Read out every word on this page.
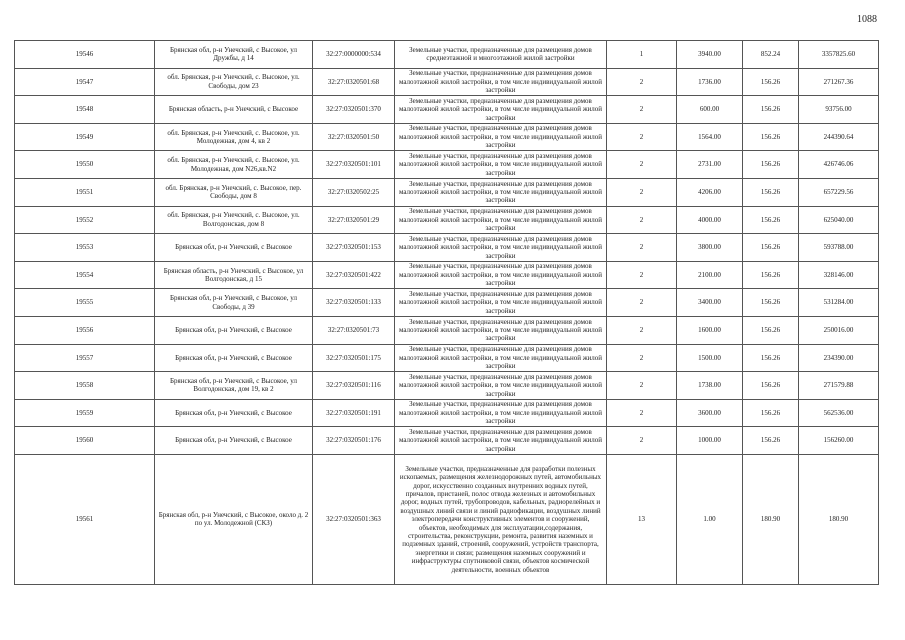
1088
19546	Брянская обл, р-н Унечский, с Высокое, ул Дружбы, д 14	32:27:0000000:534	Земельные участки, предназначенные для размещения домов среднеэтажной и многоэтажной жилой застройки	1	3940.00	852.24	3357825.60
19547	обл. Брянская, р-н Унечский, с. Высокое, ул. Свободы, дом 23	32:27:0320501:68	Земельные участки, предназначенные для размещения домов малоэтажной жилой застройки, в том числе индивидуальной жилой застройки	2	1736.00	156.26	271267.36
19548	Брянская область, р-н Унечский, с Высокое	32:27:0320501:370	Земельные участки, предназначенные для размещения домов малоэтажной жилой застройки, в том числе индивидуальной жилой застройки	2	600.00	156.26	93756.00
19549	обл. Брянская, р-н Унечский, с. Высокое, ул. Молодежная, дом 4, кв 2	32:27:0320501:50	Земельные участки, предназначенные для размещения домов малоэтажной жилой застройки, в том числе индивидуальной жилой застройки	2	1564.00	156.26	244390.64
19550	обл. Брянская, р-н Унечский, с. Высокое, ул. Молодежная, дом N26,кв.N2	32:27:0320501:101	Земельные участки, предназначенные для размещения домов малоэтажной жилой застройки, в том числе индивидуальной жилой застройки	2	2731.00	156.26	426746.06
19551	обл. Брянская, р-н Унечский, с. Высокое, пер. Свободы, дом 8	32:27:0320502:25	Земельные участки, предназначенные для размещения домов малоэтажной жилой застройки, в том числе индивидуальной жилой застройки	2	4206.00	156.26	657229.56
19552	обл. Брянская, р-н Унечский, с. Высокое, ул. Волгодонская, дом 8	32:27:0320501:29	Земельные участки, предназначенные для размещения домов малоэтажной жилой застройки, в том числе индивидуальной жилой застройки	2	4000.00	156.26	625040.00
19553	Брянская обл, р-н Унечский, с Высокое	32:27:0320501:153	Земельные участки, предназначенные для размещения домов малоэтажной жилой застройки, в том числе индивидуальной жилой застройки	2	3800.00	156.26	593788.00
19554	Брянская область, р-н Унечский, с Высокое, ул Волгодонская, д 15	32:27:0320501:422	Земельные участки, предназначенные для размещения домов малоэтажной жилой застройки, в том числе индивидуальной жилой застройки	2	2100.00	156.26	328146.00
19555	Брянская обл, р-н Унечский, с Высокое, ул Свободы, д 39	32:27:0320501:133	Земельные участки, предназначенные для размещения домов малоэтажной жилой застройки, в том числе индивидуальной жилой застройки	2	3400.00	156.26	531284.00
19556	Брянская обл, р-н Унечский, с Высокое	32:27:0320501:73	Земельные участки, предназначенные для размещения домов малоэтажной жилой застройки, в том числе индивидуальной жилой застройки	2	1600.00	156.26	250016.00
19557	Брянская обл, р-н Унечский, с Высокое	32:27:0320501:175	Земельные участки, предназначенные для размещения домов малоэтажной жилой застройки, в том числе индивидуальной жилой застройки	2	1500.00	156.26	234390.00
19558	Брянская обл, р-н Унечский, с Высокое, ул Волгодонская, дом 19, кв 2	32:27:0320501:116	Земельные участки, предназначенные для размещения домов малоэтажной жилой застройки, в том числе индивидуальной жилой застройки	2	1738.00	156.26	271579.88
19559	Брянская обл, р-н Унечский, с Высокое	32:27:0320501:191	Земельные участки, предназначенные для размещения домов малоэтажной жилой застройки, в том числе индивидуальной жилой застройки	2	3600.00	156.26	562536.00
19560	Брянская обл, р-н Унечский, с Высокое	32:27:0320501:176	Земельные участки, предназначенные для размещения домов малоэтажной жилой застройки, в том числе индивидуальной жилой застройки	2	1000.00	156.26	156260.00
19561	Брянская обл, р-н Унечский, с Высокое, около д. 2 по ул. Молодежной (СКЗ)	32:27:0320501:363	Земельные участки, предназначенные для разработки полезных ископаемых, размещения железнодорожных путей, автомобильных дорог, искусственно созданных внутренних водных путей, причалов, пристаней, полос отвода железных и автомобильных дорог, водных путей, трубопроводов, кабельных, радиорелейных и воздушных линий связи и линий радиофикации, воздушных линий электропередачи конструктивных элементов и сооружений, объектов, необходимых для эксплуатации,содержания, строительства, реконструкции, ремонта, развития наземных и подземных зданий, строений, сооружений, устройств транспорта, энергетики и связи; размещения наземных сооружений и инфраструктуры спутниковой связи, объектов космической деятельности, военных объектов	13	1.00	180.90	180.90
